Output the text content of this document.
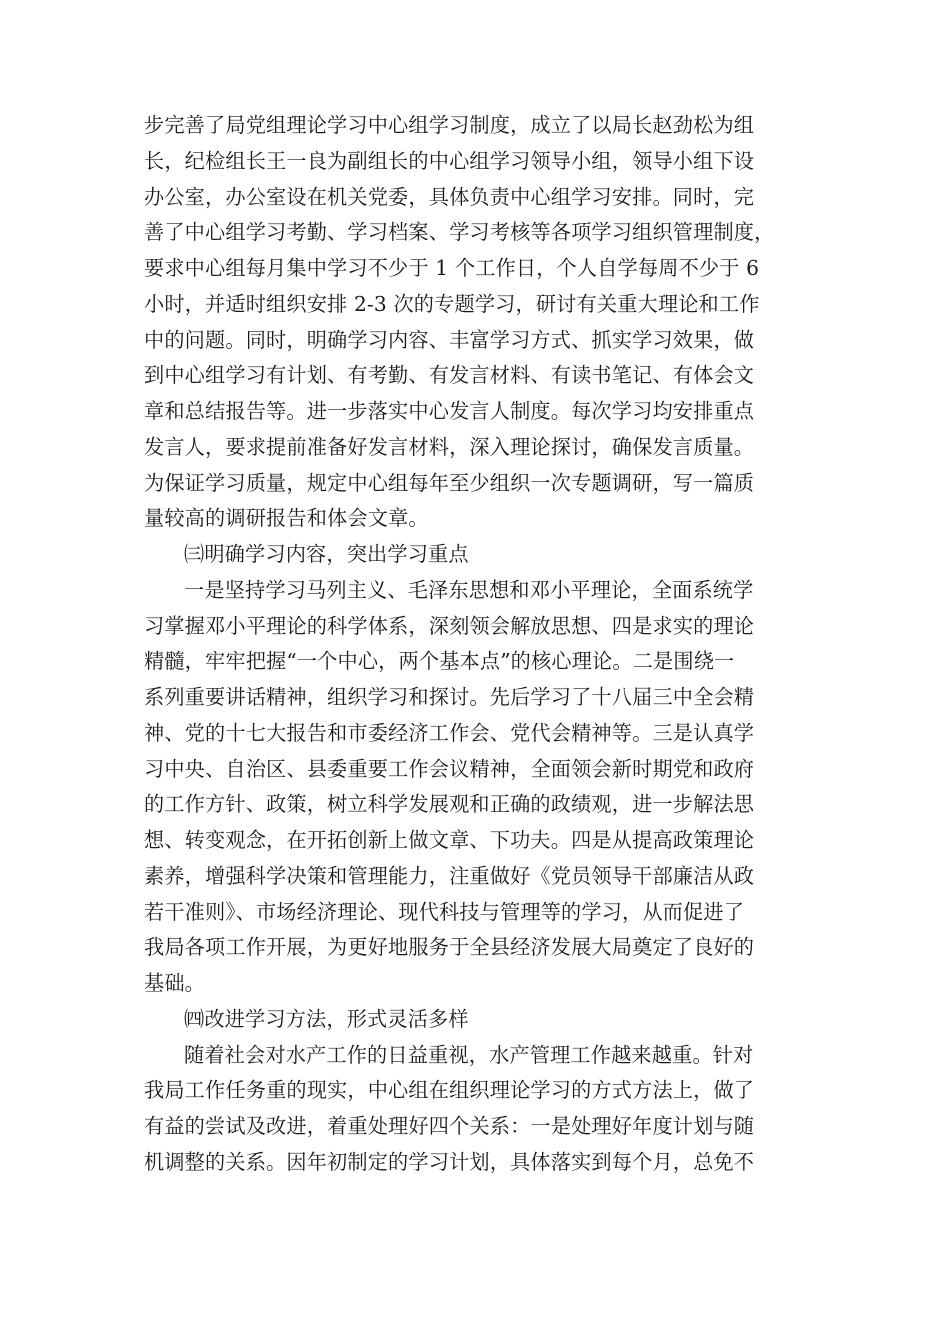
步完善了局党组理论学习中心组学习制度，成立了以局长赵劲松为组
长，纪检组长王一良为副组长的中心组学习领导小组，领导小组下设
办公室，办公室设在机关党委，具体负责中心组学习安排。同时，完
善了中心组学习考勤、学习档案、学习考核等各项学习组织管理制度，
要求中心组每月集中学习不少于 1 个工作日，个人自学每周不少于 6
小时，并适时组织安排 2-3 次的专题学习，研讨有关重大理论和工作
中的问题。同时，明确学习内容、丰富学习方式、抓实学习效果，做
到中心组学习有计划、有考勤、有发言材料、有读书笔记、有体会文
章和总结报告等。进一步落实中心发言人制度。每次学习均安排重点
发言人，要求提前准备好发言材料，深入理论探讨，确保发言质量。
为保证学习质量，规定中心组每年至少组织一次专题调研，写一篇质
量较高的调研报告和体会文章。
㈢明确学习内容，突出学习重点
一是坚持学习马列主义、毛泽东思想和邓小平理论，全面系统学
习掌握邓小平理论的科学体系，深刻领会解放思想、四是求实的理论
精髓，牢牢把握“一个中心，两个基本点”的核心理论。二是围绕一
系列重要讲话精神，组织学习和探讨。先后学习了十八届三中全会精
神、党的十七大报告和市委经济工作会、党代会精神等。三是认真学
习中央、自治区、县委重要工作会议精神，全面领会新时期党和政府
的工作方针、政策，树立科学发展观和正确的政绩观，进一步解法思
想、转变观念，在开拓创新上做文章、下功夫。四是从提高政策理论
素养，增强科学决策和管理能力，注重做好《党员领导干部廉洁从政
若干准则》、市场经济理论、现代科技与管理等的学习，从而促进了
我局各项工作开展，为更好地服务于全县经济发展大局奠定了良好的
基础。
㈣改进学习方法，形式灵活多样
随着社会对水产工作的日益重视，水产管理工作越来越重。针对
我局工作任务重的现实，中心组在组织理论学习的方式方法上，做了
有益的尝试及改进，着重处理好四个关系：一是处理好年度计划与随
机调整的关系。因年初制定的学习计划，具体落实到每个月，总免不
